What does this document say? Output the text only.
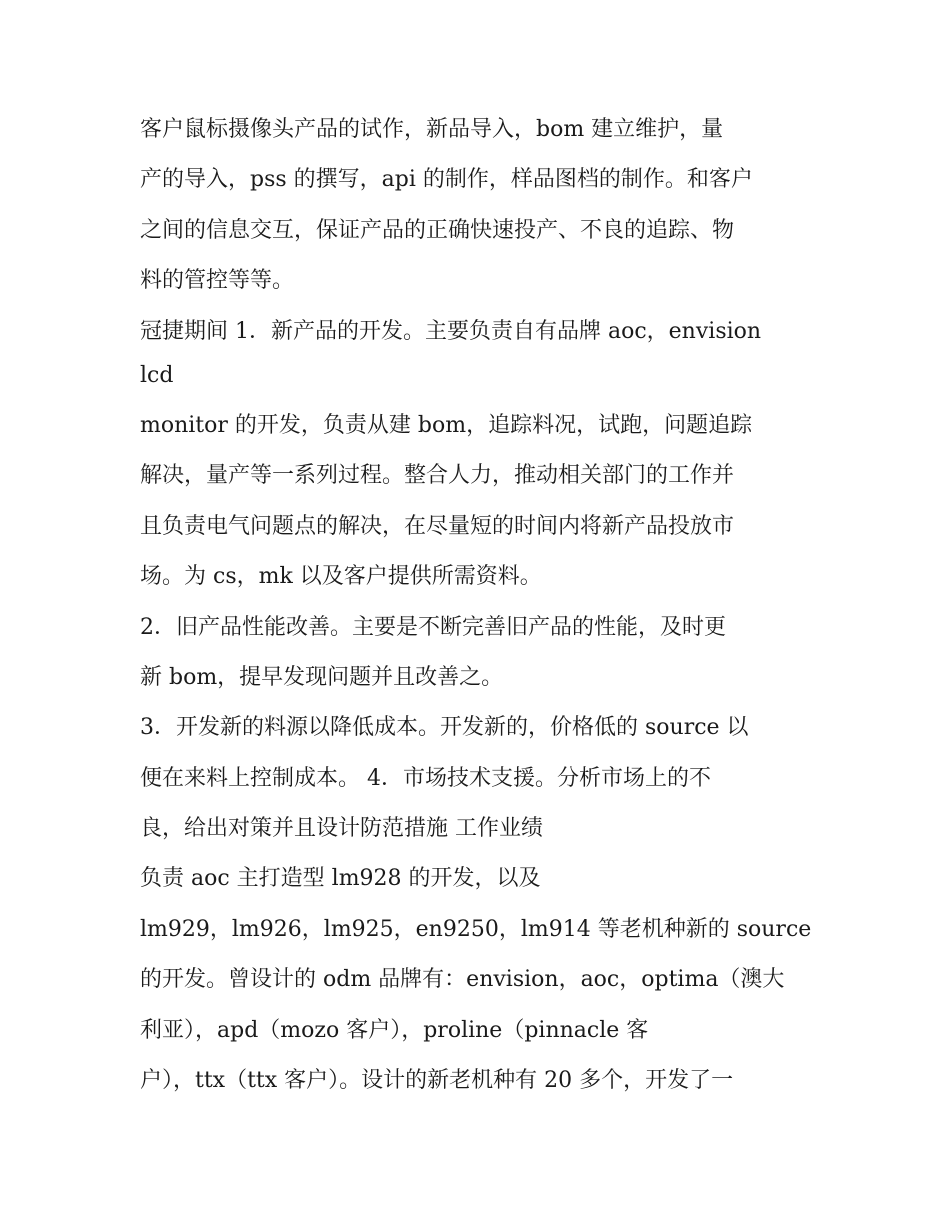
客户鼠标摄像头产品的试作，新品导入，bom 建立维护，量
产的导入，pss 的撰写，api 的制作，样品图档的制作。和客户
之间的信息交互，保证产品的正确快速投产、不良的追踪、物
料的管控等等。
冠捷期间 1．新产品的开发。主要负责自有品牌 aoc，envision
lcd
monitor 的开发，负责从建 bom，追踪料况，试跑，问题追踪
解决，量产等一系列过程。整合人力，推动相关部门的工作并
且负责电气问题点的解决，在尽量短的时间内将新产品投放市
场。为 cs，mk 以及客户提供所需资料。
2．旧产品性能改善。主要是不断完善旧产品的性能，及时更
新 bom，提早发现问题并且改善之。
3．开发新的料源以降低成本。开发新的，价格低的 source 以
便在来料上控制成本。 4．市场技术支援。分析市场上的不
良，给出对策并且设计防范措施 工作业绩
负责 aoc 主打造型 lm928 的开发，以及
lm929，lm926，lm925，en9250，lm914 等老机种新的 source
的开发。曾设计的 odm 品牌有：envision，aoc，optima（澳大
利亚），apd（mozo 客户），proline（pinnacle 客
户），ttx（ttx 客户）。设计的新老机种有 20 多个，开发了一
